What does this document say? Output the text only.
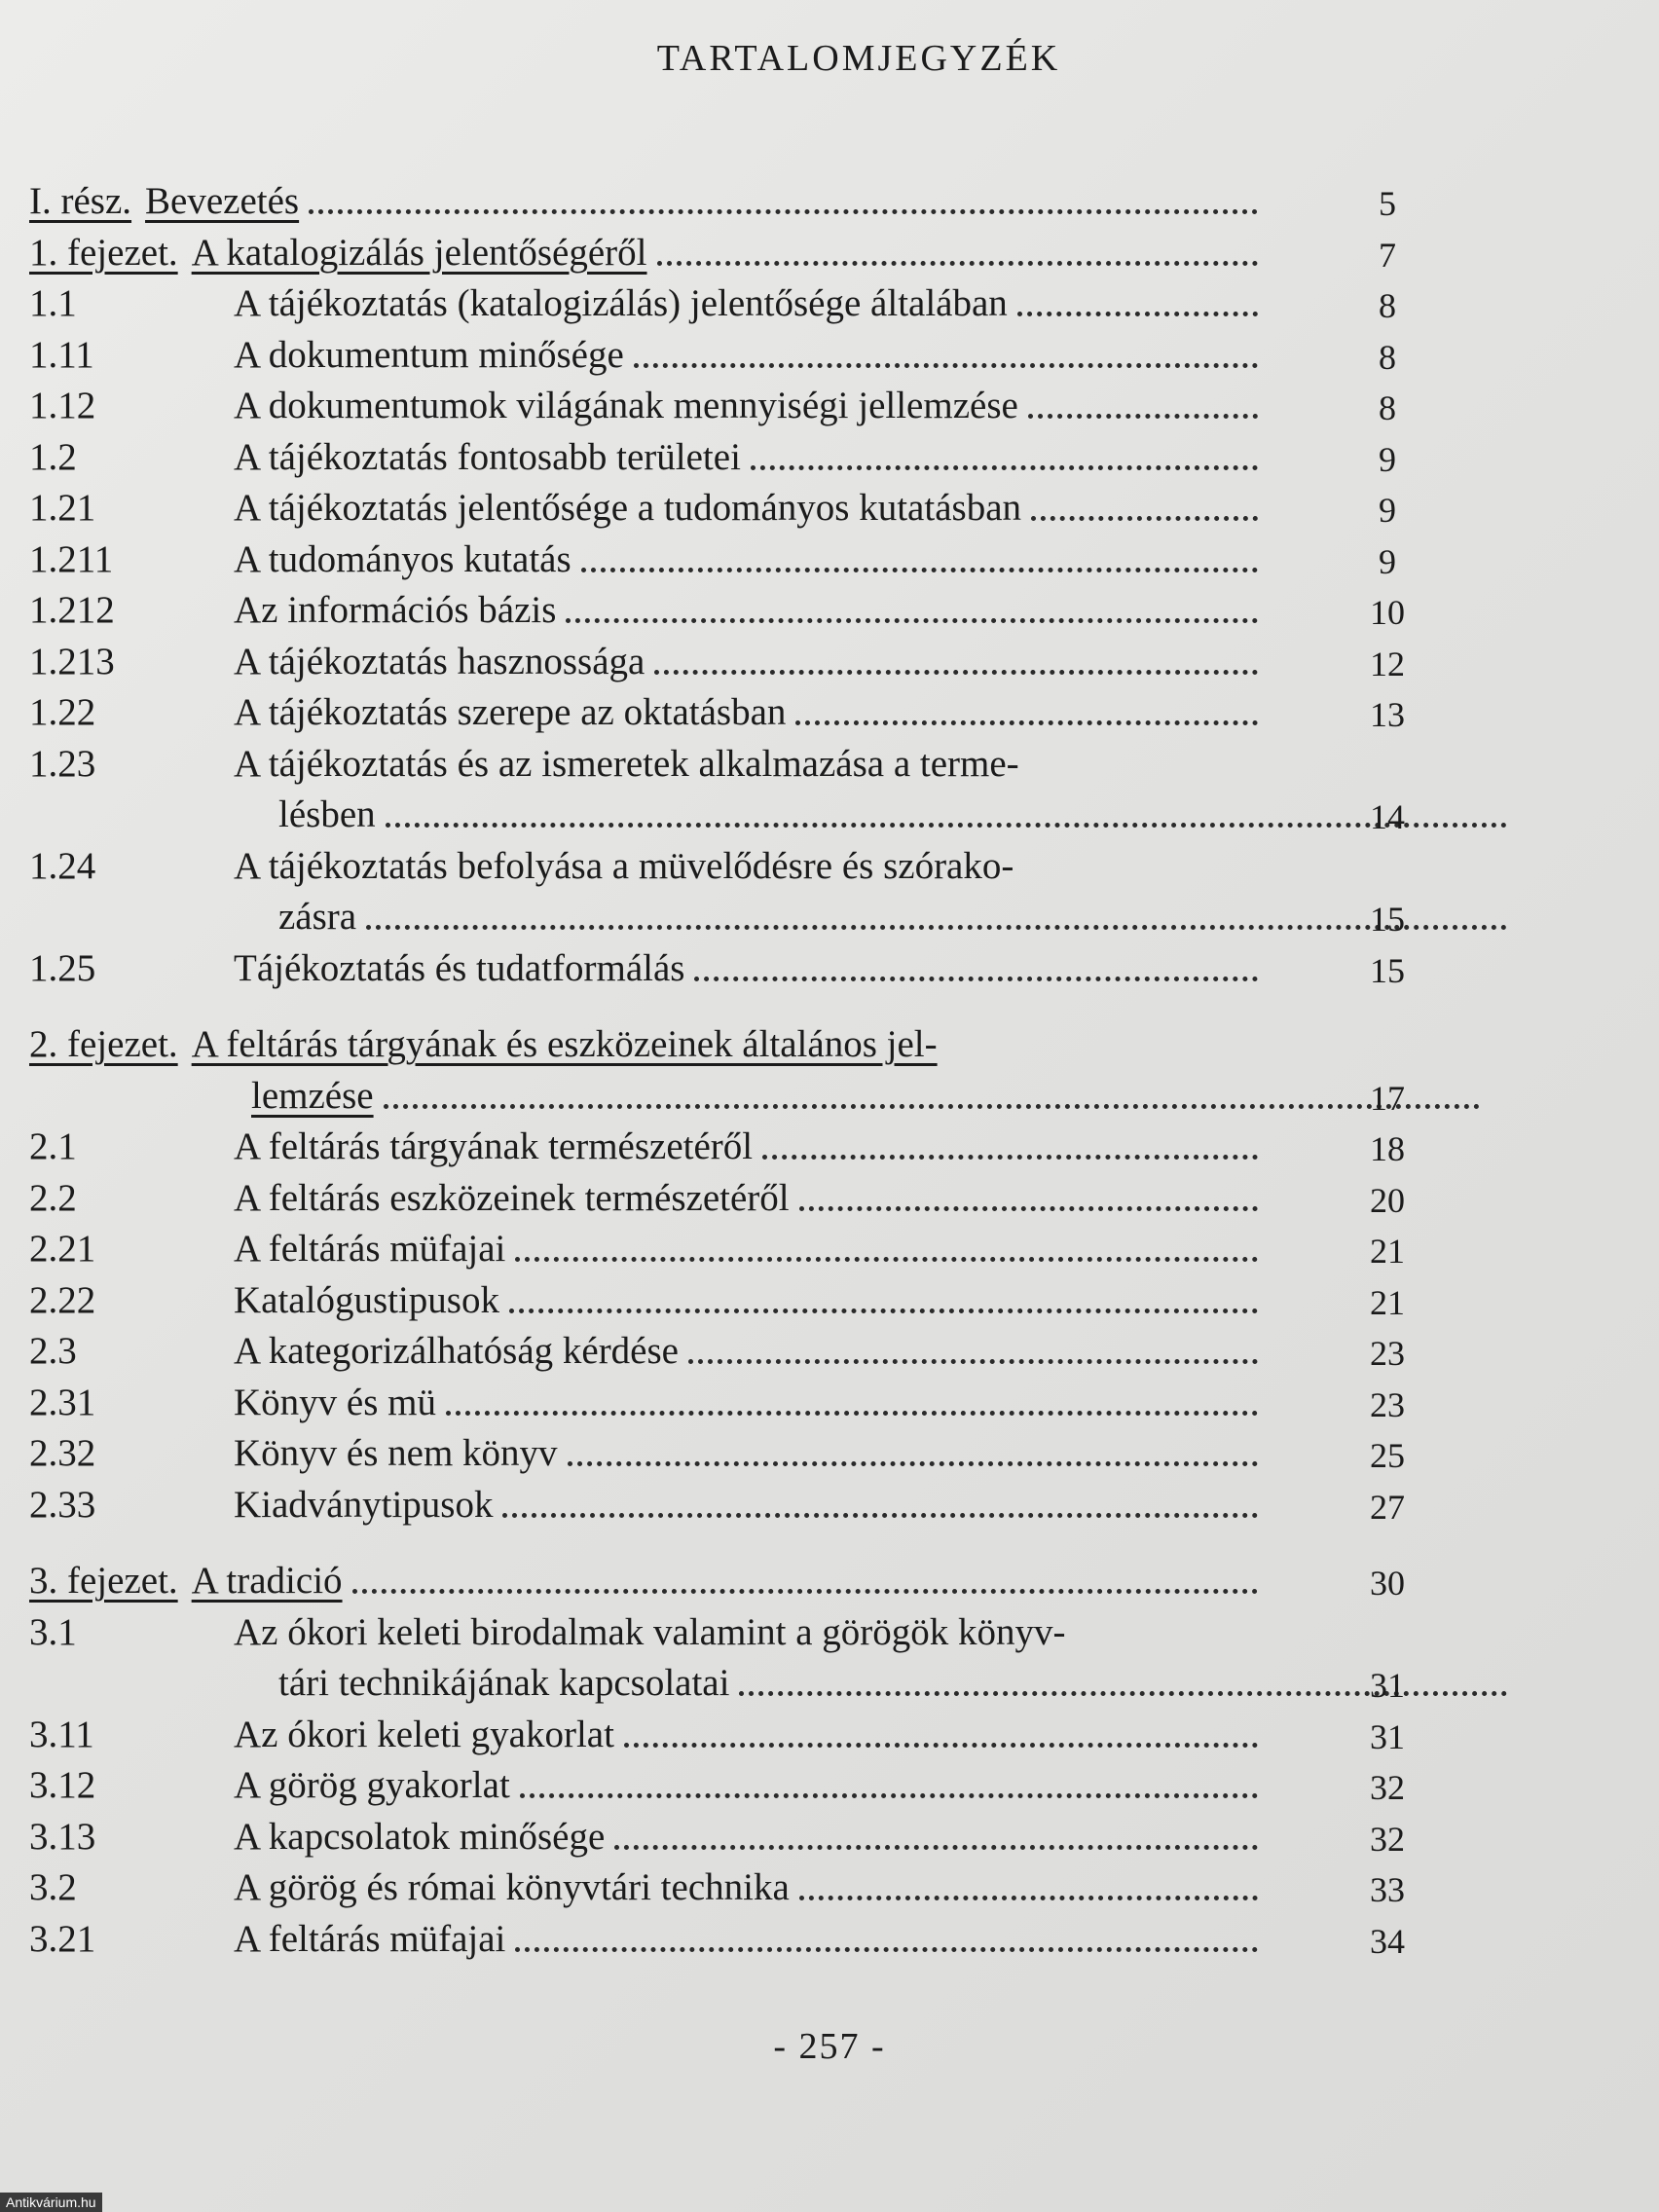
TARTALOMJEGYZÉK
I. rész. Bevezetés	5
1. fejezet. A katalogizálás jelentőségéről	7
1.1	A tájékoztatás (katalogizálás) jelentősége általában	8
1.11	A dokumentum minősége	8
1.12	A dokumentumok világának mennyiségi jellemzése	8
1.2	A tájékoztatás fontosabb területei	9
1.21	A tájékoztatás jelentősége a tudományos kutatásban	9
1.211	A tudományos kutatás	9
1.212	Az információs bázis	10
1.213	A tájékoztatás hasznossága	12
1.22	A tájékoztatás szerepe az oktatásban	13
1.23	A tájékoztatás és az ismeretek alkalmazása a terme-
lésben	14
1.24	A tájékoztatás befolyása a müvelődésre és szórako-
zásra	15
1.25	Tájékoztatás és tudatformálás	15
2. fejezet. A feltárás tárgyának és eszközeinek általános jel-
lemzése	17
2.1	A feltárás tárgyának természetéről	18
2.2	A feltárás eszközeinek természetéről	20
2.21	A feltárás müfajai	21
2.22	Katalógustipusok	21
2.3	A kategorizálhatóság kérdése	23
2.31	Könyv és mü	23
2.32	Könyv és nem könyv	25
2.33	Kiadványtipusok	27
3. fejezet. A tradició	30
3.1	Az ókori keleti birodalmak valamint a görögök könyv-
tári technikájának kapcsolatai	31
3.11	Az ókori keleti gyakorlat	31
3.12	A görög gyakorlat	32
3.13	A kapcsolatok minősége	32
3.2	A görög és római könyvtári technika	33
3.21	A feltárás müfajai	34
- 257 -
Antikvárium.hu
